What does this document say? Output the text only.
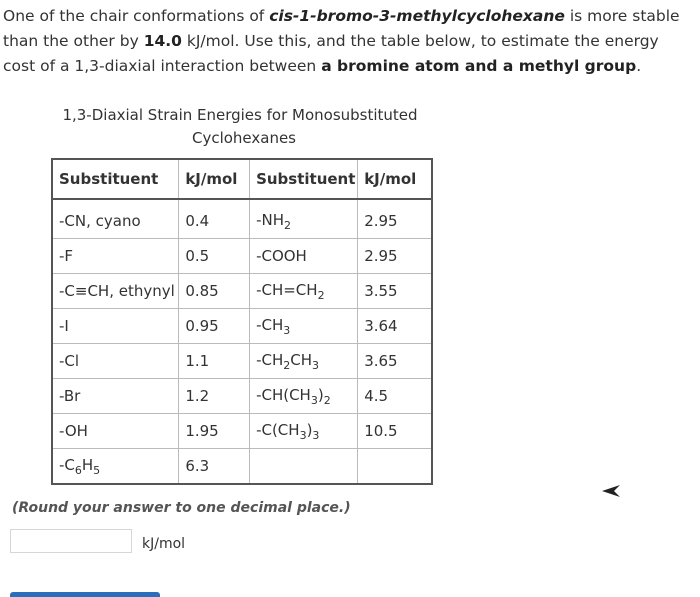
One of the chair conformations of cis-1-bromo-3-methylcyclohexane is more stable than the other by 14.0 kJ/mol. Use this, and the table below, to estimate the energy cost of a 1,3-diaxial interaction between a bromine atom and a methyl group.
1,3-Diaxial Strain Energies for Monosubstituted
Cyclohexanes
Substituent	kJ/mol	Substituent	kJ/mol
-CN, cyano	0.4	$-NH_2$	2.95
-F	0.5	-COOH	2.95
-C≡CH, ethynyl	0.85	$-CH=CH_2$	3.55
-I	0.95	$-CH_3$	3.64
-Cl	1.1	$-CH_2CH_3$	3.65
-Br	1.2	$-CH(CH_3)_2$	4.5
-OH	1.95	$-C(CH_3)_3$	10.5
$-C_6H_5$	6.3		
(Round your answer to one decimal place.)
kJ/mol
